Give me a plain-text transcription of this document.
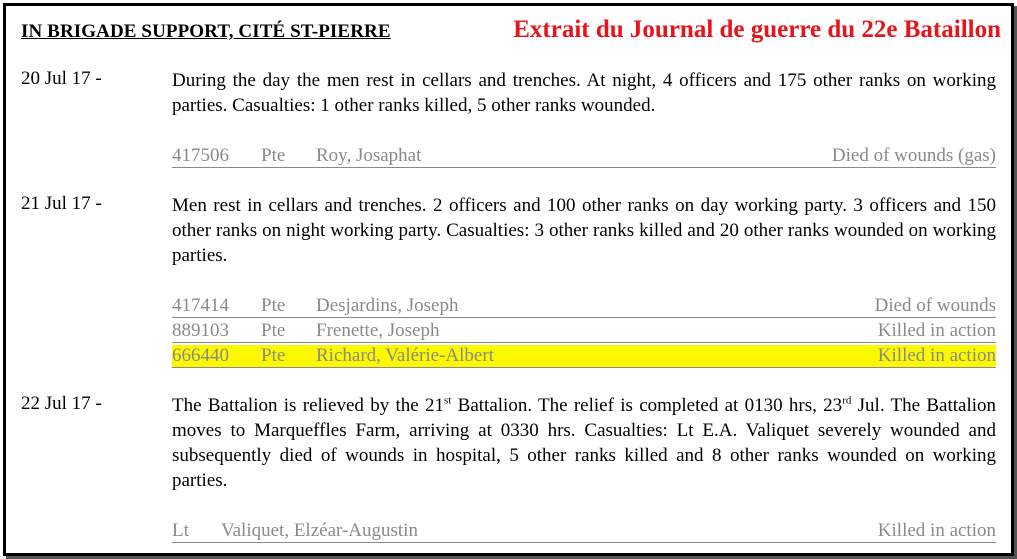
IN BRIGADE SUPPORT, CITÉ ST-PIERRE	Extrait du Journal de guerre du 22e Bataillon
20 Jul 17 -	During the day the men rest in cellars and trenches. At night, 4 officers and 175 other ranks on working parties. Casualties: 1 other ranks killed, 5 other ranks wounded.
417506 Pte Roy, Josaphat	Died of wounds (gas)
21 Jul 17 -	Men rest in cellars and trenches. 2 officers and 100 other ranks on day working party. 3 officers and 150 other ranks on night working party. Casualties: 3 other ranks killed and 20 other ranks wounded on working parties.
417414 Pte Desjardins, Joseph	Died of wounds
889103 Pte Frenette, Joseph	Killed in action
666440 Pte Richard, Valérie-Albert	Killed in action
22 Jul 17 -	The Battalion is relieved by the 21st Battalion. The relief is completed at 0130 hrs, 23rd Jul. The Battalion moves to Marqueffles Farm, arriving at 0330 hrs. Casualties: Lt E.A. Valiquet severely wounded and subsequently died of wounds in hospital, 5 other ranks killed and 8 other ranks wounded on working parties.
Lt Valiquet, Elzéar-Augustin	Killed in action
